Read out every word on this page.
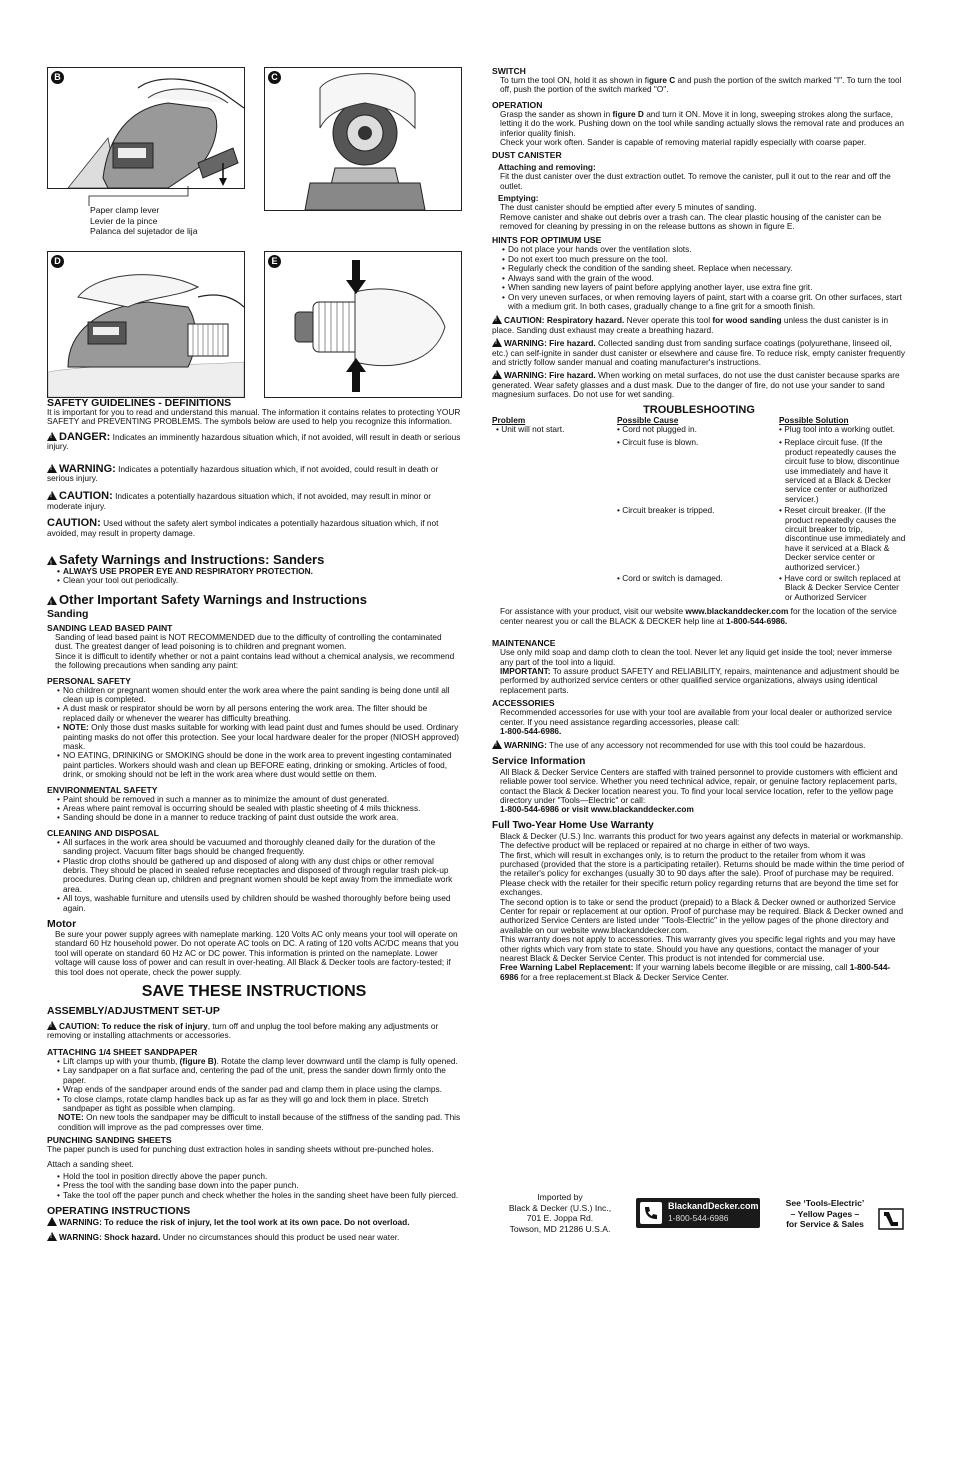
B
Paper clamp lever
Levier de la pince
Palanca del sujetador de lija
C
D	E
SAFETY GUIDELINES - DEFINITIONS

It is important for you to read and understand this manual. The information it contains relates to protecting YOUR SAFETY and PREVENTING PROBLEMS. The symbols below are used to help you recognize this information.

!DANGER: Indicates an imminently hazardous situation which, if not avoided, will result in death or serious injury.

!WARNING: Indicates a potentially hazardous situation which, if not avoided, could result in death or serious injury.

!CAUTION: Indicates a potentially hazardous situation which, if not avoided, may result in minor or moderate injury.

CAUTION: Used without the safety alert symbol indicates a potentially hazardous situation which, if not avoided, may result in property damage.

!Safety Warnings and Instructions: Sanders
• ALWAYS USE PROPER EYE AND RESPIRATORY PROTECTION.
• Clean your tool out periodically.
!Other Important Safety Warnings and Instructions
Sanding
SANDING LEAD BASED PAINT

Sanding of lead based paint is NOT RECOMMENDED due to the difficulty of controlling the contaminated dust. The greatest danger of lead poisoning is to children and pregnant women.

Since it is difficult to identify whether or not a paint contains lead without a chemical analysis, we recommend the following precautions when sanding any paint:

PERSONAL SAFETY
• No children or pregnant women should enter the work area where the paint sanding is being done until all clean up is completed.
• A dust mask or respirator should be worn by all persons entering the work area. The filter should be replaced daily or whenever the wearer has difficulty breathing.
• NOTE: Only those dust masks suitable for working with lead paint dust and fumes should be used. Ordinary painting masks do not offer this protection. See your local hardware dealer for the proper (NIOSH approved) mask.
• NO EATING, DRINKING or SMOKING should be done in the work area to prevent ingesting contaminated paint particles. Workers should wash and clean up BEFORE eating, drinking or smoking. Articles of food, drink, or smoking should not be left in the work area where dust would settle on them.
ENVIRONMENTAL SAFETY
• Paint should be removed in such a manner as to minimize the amount of dust generated.
• Areas where paint removal is occurring should be sealed with plastic sheeting of 4 mils thickness.
• Sanding should be done in a manner to reduce tracking of paint dust outside the work area.
CLEANING AND DISPOSAL
• All surfaces in the work area should be vacuumed and thoroughly cleaned daily for the duration of the sanding project. Vacuum filter bags should be changed frequently.
• Plastic drop cloths should be gathered up and disposed of along with any dust chips or other removal debris. They should be placed in sealed refuse receptacles and disposed of through regular trash pick-up procedures. During clean up, children and pregnant women should be kept away from the immediate work area.
• All toys, washable furniture and utensils used by children should be washed thoroughly before being used again.
Motor

Be sure your power supply agrees with nameplate marking. 120 Volts AC only means your tool will operate on standard 60 Hz household power. Do not operate AC tools on DC. A rating of 120 volts AC/DC means that you tool will operate on standard 60 Hz AC or DC power. This information is printed on the nameplate. Lower voltage will cause loss of power and can result in over-heating. All Black & Decker tools are factory-tested; if this tool does not operate, check the power supply.

SAVE THESE INSTRUCTIONS
ASSEMBLY/ADJUSTMENT SET-UP

!CAUTION: To reduce the risk of injury, turn off and unplug the tool before making any adjustments or removing or installing attachments or accessories.

ATTACHING 1/4 SHEET SANDPAPER
• Lift clamps up with your thumb, (figure B). Rotate the clamp lever downward until the clamp is fully opened.
• Lay sandpaper on a flat surface and, centering the pad of the unit, press the sander down firmly onto the paper.
• Wrap ends of the sandpaper around ends of the sander pad and clamp them in place using the clamps.
• To close clamps, rotate clamp handles back up as far as they will go and lock them in place. Stretch sandpaper as tight as possible when clamping.

NOTE: On new tools the sandpaper may be difficult to install because of the stiffness of the sanding pad. This condition will improve as the pad compresses over time.

PUNCHING SANDING SHEETS

The paper punch is used for punching dust extraction holes in sanding sheets without pre-punched holes.

Attach a sanding sheet.

• Hold the tool in position directly above the paper punch.
• Press the tool with the sanding base down into the paper punch.
• Take the tool off the paper punch and check whether the holes in the sanding sheet have been fully pierced.
OPERATING INSTRUCTIONS

!WARNING: To reduce the risk of injury, let the tool work at its own pace. Do not overload.

!WARNING: Shock hazard. Under no circumstances should this product be used near water.

SWITCH

To turn the tool ON, hold it as shown in figure C and push the portion of the switch marked "I". To turn the tool off, push the portion of the switch marked "O".

OPERATION

Grasp the sander as shown in figure D and turn it ON. Move it in long, sweeping strokes along the surface, letting it do the work. Pushing down on the tool while sanding actually slows the removal rate and produces an inferior quality finish.

Check your work often. Sander is capable of removing material rapidly especially with coarse paper.

DUST CANISTER
Attaching and removing:

Fit the dust canister over the dust extraction outlet. To remove the canister, pull it out to the rear and off the outlet.

Emptying:

The dust canister should be emptied after every 5 minutes of sanding.

Remove canister and shake out debris over a trash can. The clear plastic housing of the canister can be removed for cleaning by pressing in on the release buttons as shown in figure E.

HINTS FOR OPTIMUM USE
• Do not place your hands over the ventilation slots.
• Do not exert too much pressure on the tool.
• Regularly check the condition of the sanding sheet. Replace when necessary.
• Always sand with the grain of the wood.
• When sanding new layers of paint before applying another layer, use extra fine grit.
• On very uneven surfaces, or when removing layers of paint, start with a coarse grit. On other surfaces, start with a medium grit. In both cases, gradually change to a fine grit for a smooth finish.

!CAUTION: Respiratory hazard. Never operate this tool for wood sanding unless the dust canister is in place. Sanding dust exhaust may create a breathing hazard.

!WARNING: Fire hazard. Collected sanding dust from sanding surface coatings (polyurethane, linseed oil, etc.) can self-ignite in sander dust canister or elsewhere and cause fire. To reduce risk, empty canister frequently and strictly follow sander manual and coating manufacturer's instructions.

!WARNING: Fire hazard. When working on metal surfaces, do not use the dust canister because sparks are generated. Wear safety glasses and a dust mask. Due to the danger of fire, do not use your sander to sand magnesium surfaces. Do not use for wet sanding.

TROUBLESHOOTING
Problem	Possible Cause	Possible Solution
• Unit will not start.	• Cord not plugged in.	• Plug tool into a working outlet.
	• Circuit fuse is blown.	• Replace circuit fuse. (If the product repeatedly causes the circuit fuse to blow, discontinue use immediately and have it serviced at a Black & Decker service center or authorized servicer.)
	• Circuit breaker is tripped.	• Reset circuit breaker. (If the product repeatedly causes the circuit breaker to trip, discontinue use immediately and have it serviced at a Black & Decker service center or authorized servicer.)
	• Cord or switch is damaged.	• Have cord or switch replaced at Black & Decker Service Center or Authorized Servicer

For assistance with your product, visit our website www.blackanddecker.com for the location of the service center nearest you or call the BLACK & DECKER help line at 1-800-544-6986.

MAINTENANCE

Use only mild soap and damp cloth to clean the tool. Never let any liquid get inside the tool; never immerse any part of the tool into a liquid.

IMPORTANT: To assure product SAFETY and RELIABILITY, repairs, maintenance and adjustment should be performed by authorized service centers or other qualified service organizations, always using identical replacement parts.

ACCESSORIES

Recommended accessories for use with your tool are available from your local dealer or authorized service center. If you need assistance regarding accessories, please call:

1-800-544-6986.

!WARNING: The use of any accessory not recommended for use with this tool could be hazardous.

Service Information

All Black & Decker Service Centers are staffed with trained personnel to provide customers with efficient and reliable power tool service. Whether you need technical advice, repair, or genuine factory replacement parts, contact the Black & Decker location nearest you. To find your local service location, refer to the yellow page directory under "Tools—Electric" or call:

1-800-544-6986 or visit www.blackanddecker.com

Full Two-Year Home Use Warranty

Black & Decker (U.S.) Inc. warrants this product for two years against any defects in material or workmanship. The defective product will be replaced or repaired at no charge in either of two ways.

The first, which will result in exchanges only, is to return the product to the retailer from whom it was purchased (provided that the store is a participating retailer). Returns should be made within the time period of the retailer's policy for exchanges (usually 30 to 90 days after the sale). Proof of purchase may be required. Please check with the retailer for their specific return policy regarding returns that are beyond the time set for exchanges.

The second option is to take or send the product (prepaid) to a Black & Decker owned or authorized Service Center for repair or replacement at our option. Proof of purchase may be required. Black & Decker owned and authorized Service Centers are listed under "Tools-Electric" in the yellow pages of the phone directory and available on our website www.blackanddecker.com.

This warranty does not apply to accessories. This warranty gives you specific legal rights and you may have other rights which vary from state to state. Should you have any questions, contact the manager of your nearest Black & Decker Service Center. This product is not intended for commercial use.

Free Warning Label Replacement: If your warning labels become illegible or are missing, call 1-800-544-6986 for a free replacement.st Black & Decker Service Center.

Imported by
Black & Decker (U.S.) Inc.,
701 E. Joppa Rd.
Towson, MD 21286 U.S.A.
BlackandDecker.com
1-800-544-6986
See ‘Tools-Electric’
– Yellow Pages –
for Service & Sales
